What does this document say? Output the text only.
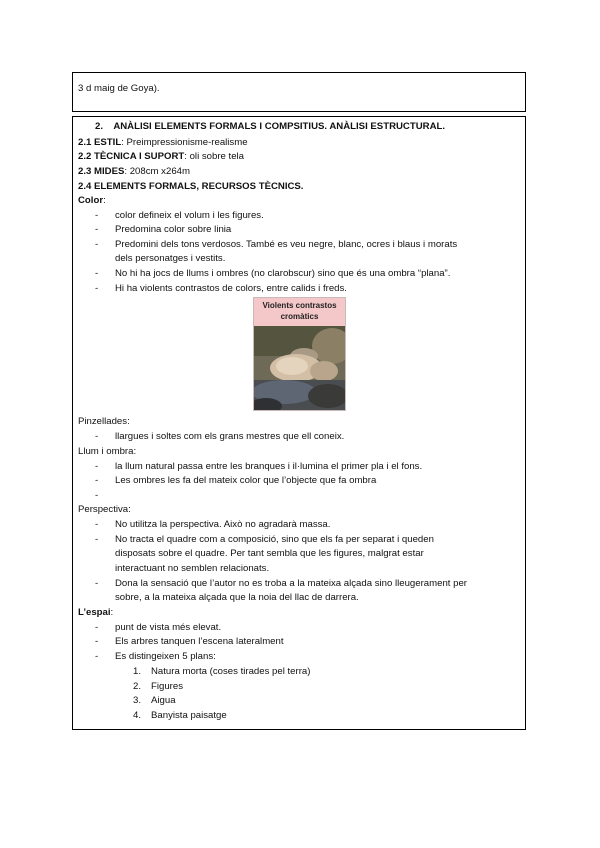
3 d maig de Goya).
2. ANÀLISI ELEMENTS FORMALS I COMPSITIUS. ANÀLISI ESTRUCTURAL.
2.1 ESTIL: Preimpressionisme-realisme
2.2 TÈCNICA I SUPORT: oli sobre tela
2.3 MIDES: 208cm x264m
2.4 ELEMENTS FORMALS, RECURSOS TÈCNICS.
Color:
- color defineix el volum i les figures.
- Predomina color sobre linia
- Predomini dels tons verdosos. També es veu negre, blanc, ocres i blaus i morats
dels personatges i vestits.
- No hi ha jocs de llums i ombres (no clarobscur) sino que és una ombra “plana”.
- Hi ha violents contrastos de colors, entre calids i freds.
Violents contrastos
cromàtics
Pinzellades:
- llargues i soltes com els grans mestres que ell coneix.
Llum i ombra:
- la llum natural passa entre les branques i il·lumina el primer pla i el fons.
- Les ombres les fa del mateix color que l’objecte que fa ombra
-
Perspectiva:
- No utilitza la perspectiva. Això no agradarà massa.
- No tracta el quadre com a composició, sino que els fa per separat i queden
disposats sobre el quadre. Per tant sembla que les figures, malgrat estar
interactuant no semblen relacionats.
- Dona la sensació que l’autor no es troba a la mateixa alçada sino lleugerament per
sobre, a la mateixa alçada que la noia del llac de darrera.
L’espai:
- punt de vista més elevat.
- Els arbres tanquen l’escena lateralment
- Es distingeixen 5 plans:
1. Natura morta (coses tirades pel terra)
2. Figures
3. Aigua
4. Banyista paisatge
